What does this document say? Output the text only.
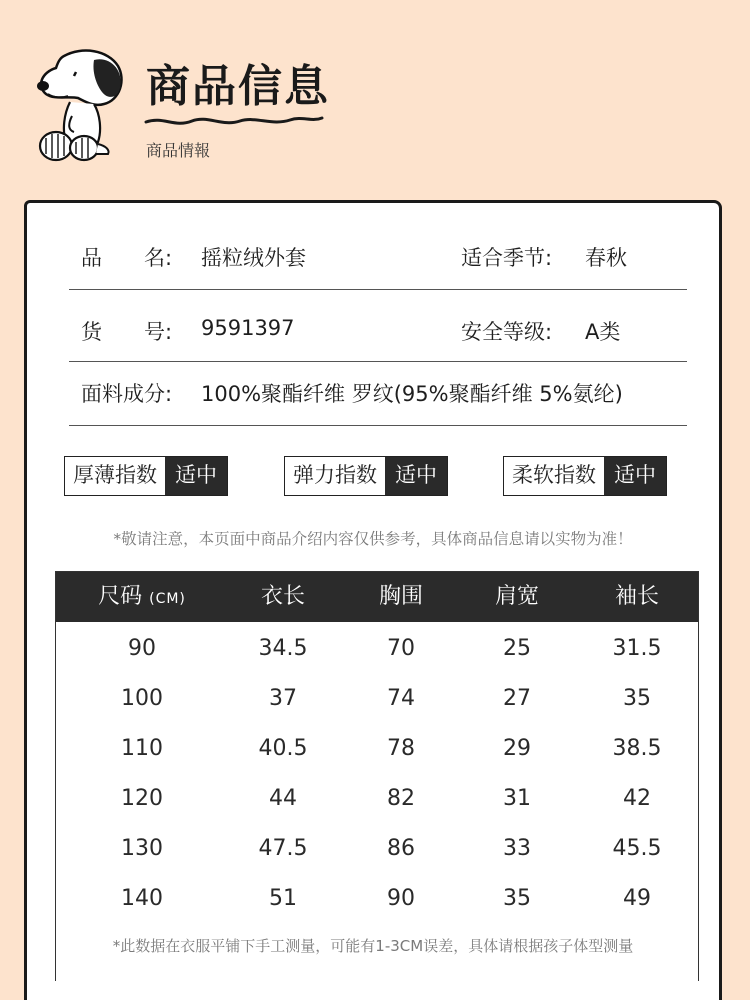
商品信息
商品情報
品　　名: 摇粒绒外套	适合季节: 春秋
货　　号: 9591397	安全等级: A类
面料成分: 100%聚酯纤维 罗纹(95%聚酯纤维 5%氨纶)
厚薄指数 适中	弹力指数 适中	柔软指数 适中
*敬请注意，本页面中商品介绍内容仅供参考，具体商品信息请以实物为准！
尺码 (CM)	衣长	胸围	肩宽	袖长
90	34.5	70	25	31.5
100	37	74	27	35
110	40.5	78	29	38.5
120	44	82	31	42
130	47.5	86	33	45.5
140	51	90	35	49
*此数据在衣服平铺下手工测量，可能有1-3CM误差，具体请根据孩子体型测量
